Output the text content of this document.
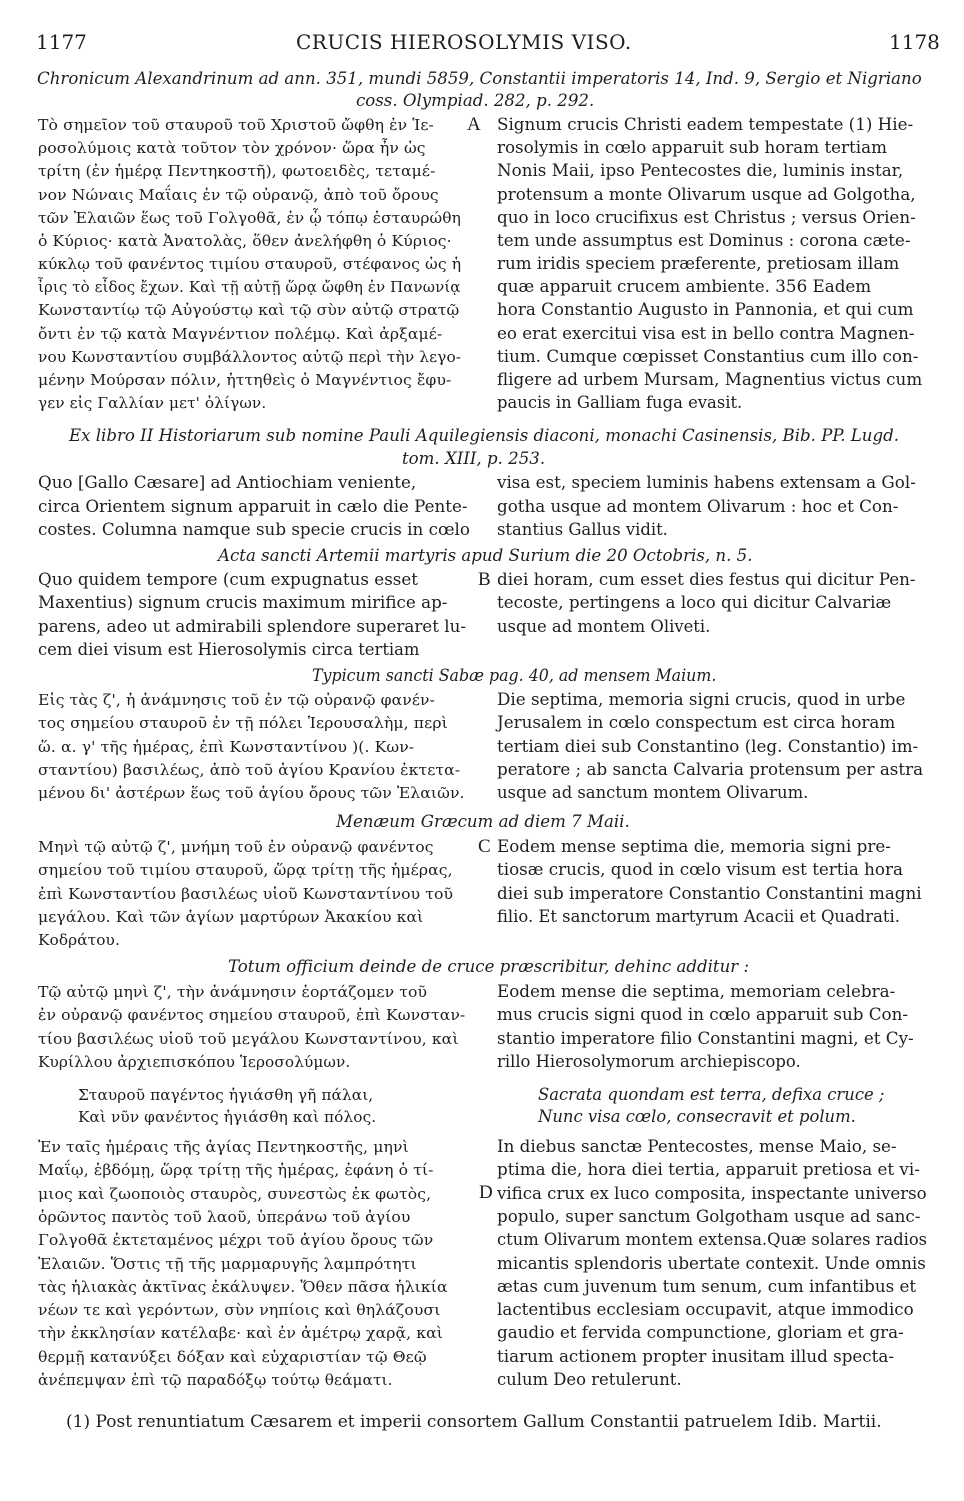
1177	CRUCIS HIEROSOLYMIS VISO.	1178
Chronicum Alexandrinum ad ann. 351, mundi 5859, Constantii imperatoris 14, Ind. 9, Sergio et Nigriano
coss. Olympiad. 282, p. 292.
Τὸ σημεῖον τοῦ σταυροῦ τοῦ Χριστοῦ ὤφθη ἐν Ἱε-
ροσολύμοις κατὰ τοῦτον τὸν χρόνον· ὥρα ἦν ὡς
τρίτη (ἐν ἡμέρᾳ Πεντηκοστῆ), φωτοειδὲς, τεταμέ-
νον Νώναις Μαΐαις ἐν τῷ οὐρανῷ, ἀπὸ τοῦ ὄρους
τῶν Ἐλαιῶν ἕως τοῦ Γολγοθᾶ, ἐν ᾧ τόπῳ ἐσταυρώθη
ὁ Κύριος· κατὰ Ἀνατολὰς, ὅθεν ἀνελήφθη ὁ Κύριος·
κύκλῳ τοῦ φανέντος τιμίου σταυροῦ, στέφανος ὡς ἡ
ἶρις τὸ εἶδος ἔχων. Καὶ τῇ αὐτῇ ὥρᾳ ὤφθη ἐν Πανωνίᾳ
Κωνσταντίῳ τῷ Αὐγούστῳ καὶ τῷ σὺν αὐτῷ στρατῷ
ὄντι ἐν τῷ κατὰ Μαγνέντιον πολέμῳ. Καὶ ἀρξαμέ-
νου Κωνσταντίου συμβάλλοντος αὐτῷ περὶ τὴν λεγο-
μένην Μούρσαν πόλιν, ἡττηθεὶς ὁ Μαγνέντιος ἔφυ-
γεν εἰς Γαλλίαν μετ' ὀλίγων.
Signum crucis Christi eadem tempestate (1) Hie-
rosolymis in cœlo apparuit sub horam tertiam
Nonis Maii, ipso Pentecostes die, luminis instar,
protensum a monte Olivarum usque ad Golgotha,
quo in loco crucifixus est Christus ; versus Orien-
tem unde assumptus est Dominus : corona cæte-
rum iridis speciem præferente, pretiosam illam
quæ apparuit crucem ambiente. 356 Eadem
hora Constantio Augusto in Pannonia, et qui cum
eo erat exercitui visa est in bello contra Magnen-
tium. Cumque cœpisset Constantius cum illo con-
fligere ad urbem Mursam, Magnentius victus cum
paucis in Galliam fuga evasit.
A
Ex libro II Historiarum sub nomine Pauli Aquilegiensis diaconi, monachi Casinensis, Bib. PP. Lugd.
tom. XIII, p. 253.
Quo [Gallo Cæsare] ad Antiochiam veniente,
circa Orientem signum apparuit in cælo die Pente-
costes. Columna namque sub specie crucis in cœlo
visa est, speciem luminis habens extensam a Gol-
gotha usque ad montem Olivarum : hoc et Con-
stantius Gallus vidit.
Acta sancti Artemii martyris apud Surium die 20 Octobris, n. 5.
Quo quidem tempore (cum expugnatus esset
Maxentius) signum crucis maximum mirifice ap-
parens, adeo ut admirabili splendore superaret lu-
cem diei visum est Hierosolymis circa tertiam
diei horam, cum esset dies festus qui dicitur Pen-
tecoste, pertingens a loco qui dicitur Calvariæ
usque ad montem Oliveti.
B
Typicum sancti Sabæ pag. 40, ad mensem Maium.
Εἰς τὰς ζ', ἡ ἀνάμνησις τοῦ ἐν τῷ οὐρανῷ φανέν-
τος σημείου σταυροῦ ἐν τῇ πόλει Ἱερουσαλὴμ, περὶ
ὥ. α. γ' τῆς ἡμέρας, ἐπὶ Κωνσταντίνου )(. Κων-
σταντίου) βασιλέως, ἀπὸ τοῦ ἁγίου Κρανίου ἐκτετα-
μένου δι' ἀστέρων ἕως τοῦ ἁγίου ὄρους τῶν Ἐλαιῶν.
Die septima, memoria signi crucis, quod in urbe
Jerusalem in cœlo conspectum est circa horam
tertiam diei sub Constantino (leg. Constantio) im-
peratore ; ab sancta Calvaria protensum per astra
usque ad sanctum montem Olivarum.
Menæum Græcum ad diem 7 Maii.
Μηνὶ τῷ αὐτῷ ζ', μνήμη τοῦ ἐν οὐρανῷ φανέντος
σημείου τοῦ τιμίου σταυροῦ, ὥρᾳ τρίτῃ τῆς ἡμέρας,
ἐπὶ Κωνσταντίου βασιλέως υἱοῦ Κωνσταντίνου τοῦ
μεγάλου. Καὶ τῶν ἁγίων μαρτύρων Ἀκακίου καὶ
Κοδράτου.
Eodem mense septima die, memoria signi pre-
tiosæ crucis, quod in cœlo visum est tertia hora
diei sub imperatore Constantio Constantini magni
filio. Et sanctorum martyrum Acacii et Quadrati.
C
Totum officium deinde de cruce præscribitur, dehinc additur :
Τῷ αὐτῷ μηνὶ ζ', τὴν ἀνάμνησιν ἑορτάζομεν τοῦ
ἐν οὐρανῷ φανέντος σημείου σταυροῦ, ἐπὶ Κωνσταν-
τίου βασιλέως υἱοῦ τοῦ μεγάλου Κωνσταντίνου, καὶ
Κυρίλλου ἀρχιεπισκόπου Ἱεροσολύμων.
Eodem mense die septima, memoriam celebra-
mus crucis signi quod in cœlo apparuit sub Con-
stantio imperatore filio Constantini magni, et Cy-
rillo Hierosolymorum archiepiscopo.
Σταυροῦ παγέντος ἡγιάσθη γῆ πάλαι,
Καὶ νῦν φανέντος ἡγιάσθη καὶ πόλος.
Sacrata quondam est terra, defixa cruce ;
Nunc visa cœlo, consecravit et polum.
Ἐν ταῖς ἡμέραις τῆς ἁγίας Πεντηκοστῆς, μηνὶ
Μαΐῳ, ἑβδόμῃ, ὥρᾳ τρίτῃ τῆς ἡμέρας, ἐφάνη ὁ τί-
μιος καὶ ζωοποιὸς σταυρὸς, συνεστὼς ἐκ φωτὸς,
ὁρῶντος παντὸς τοῦ λαοῦ, ὑπεράνω τοῦ ἁγίου
Γολγοθᾶ ἐκτεταμένος μέχρι τοῦ ἁγίου ὄρους τῶν
Ἐλαιῶν. Ὅστις τῇ τῆς μαρμαρυγῆς λαμπρότητι
τὰς ἡλιακὰς ἀκτῖνας ἐκάλυψεν. Ὅθεν πᾶσα ἡλικία
νέων τε καὶ γερόντων, σὺν νηπίοις καὶ θηλάζουσι
τὴν ἐκκλησίαν κατέλαβε· καὶ ἐν ἀμέτρῳ χαρᾷ, καὶ
θερμῇ κατανύξει δόξαν καὶ εὐχαριστίαν τῷ Θεῷ
ἀνέπεμψαν ἐπὶ τῷ παραδόξῳ τούτῳ θεάματι.
In diebus sanctæ Pentecostes, mense Maio, se-
ptima die, hora diei tertia, apparuit pretiosa et vi-
vifica crux ex luco composita, inspectante universo
populo, super sanctum Golgotham usque ad sanc-
ctum Olivarum montem extensa.Quæ solares radios
micantis splendoris ubertate contexit. Unde omnis
ætas cum juvenum tum senum, cum infantibus et
lactentibus ecclesiam occupavit, atque immodico
gaudio et fervida compunctione, gloriam et gra-
tiarum actionem propter inusitam illud specta-
culum Deo retulerunt.
D
(1) Post renuntiatum Cæsarem et imperii consortem Gallum Constantii patruelem Idib. Martii.
